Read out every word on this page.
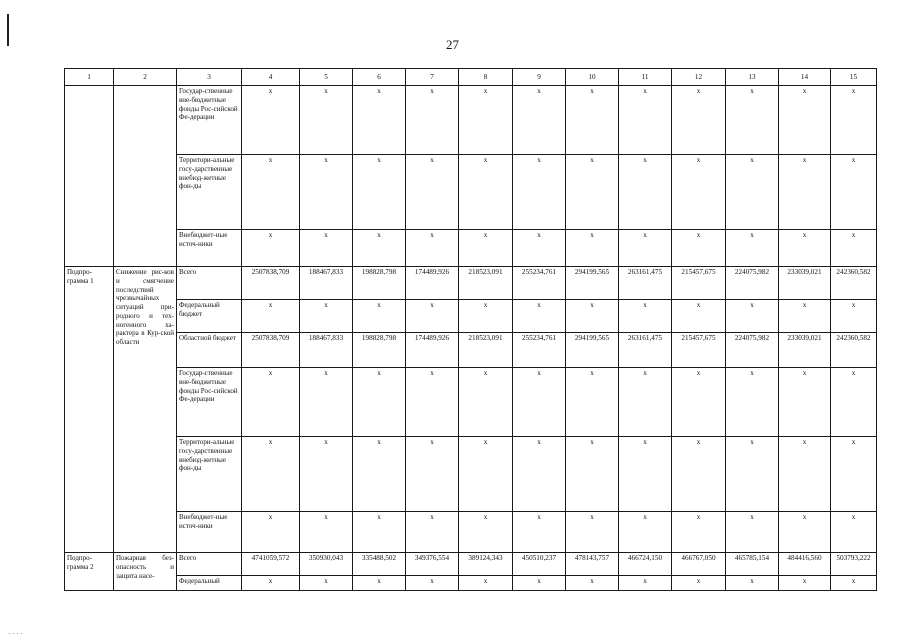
27
1	2	3	4	5	6	7	8	9	10	11	12	13	14	15
		Государ-ственные вне-бюджетные фонды Рос-сийской Фе-дерации	x	x	x	x	x	x	x	x	x	x	x	x
		Территори-альные госу-дарственные внебюд-жетные фон-ды	x	x	x	x	x	x	x	x	x	x	x	x
		Внебюджет-ные источ-ники	x	x	x	x	x	x	x	x	x	x	x	x
Подпро-грамма 1	Снижение рис-ков и смягчение последствий чрезвычайных ситуаций при-родного и тех-ногенного ха-рактера в Кур-ской области	Всего	2507838,709	188467,833	198828,798	174489,926	218523,091	255234,761	294199,565	263161,475	215457,675	224075,982	233039,021	242360,582
		Федеральный бюджет	x	x	x	x	x	x	x	x	x	x	x	x
		Областной бюджет	2507838,709	188467,833	198828,798	174489,926	218523,091	255234,761	294199,565	263161,475	215457,675	224075,982	233039,021	242360,582
		Государ-ственные вне-бюджетные фонды Рос-сийской Фе-дерации	x	x	x	x	x	x	x	x	x	x	x	x
		Территори-альные госу-дарственные внебюд-жетные фон-ды	x	x	x	x	x	x	x	x	x	x	x	x
		Внебюджет-ные источ-ники	x	x	x	x	x	x	x	x	x	x	x	x
Подпро-грамма 2	Пожарная без-опасность и защита насе-	Всего	4741059,572	350930,043	335488,502	349376,554	389124,343	450510,237	478143,757	466724,150	466767,050	465785,154	484416,560	503793,222
		Федеральный	x	x	x	x	x	x	x	x	x	x	x	x
· · · ·
